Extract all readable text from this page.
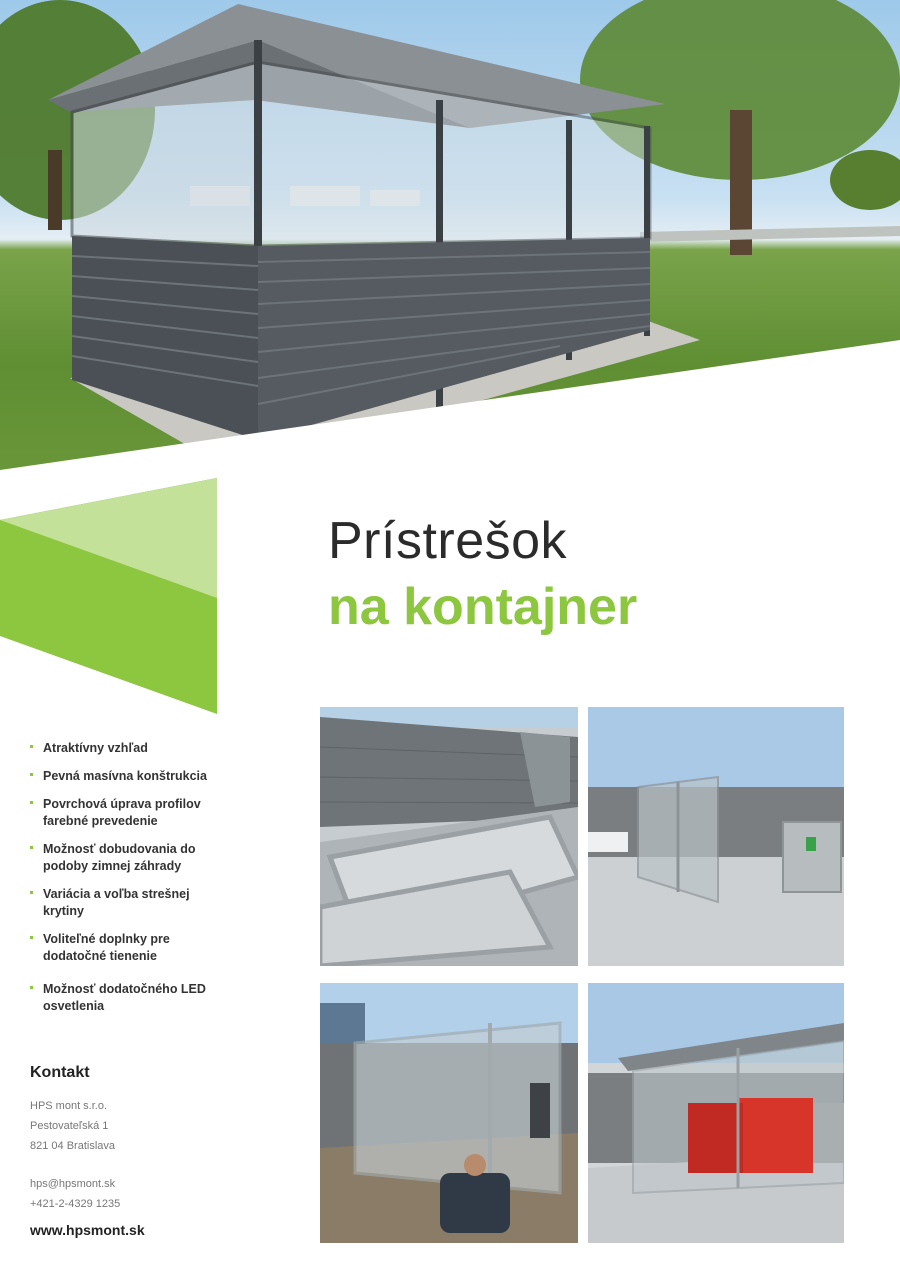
Prístrešok
na kontajner
Atraktívny vzhľad
Pevná masívna konštrukcia
Povrchová úprava profilov farebné prevedenie
Možnosť dobudovania do podoby zimnej záhrady
Variácia a voľba strešnej krytiny
Voliteľné doplnky pre dodatočné tienenie
Možnosť dodatočného LED osvetlenia
Kontakt
HPS mont s.r.o.
Pestovateľská 1
821 04 Bratislava
hps@hpsmont.sk
+421-2-4329 1235
www.hpsmont.sk
